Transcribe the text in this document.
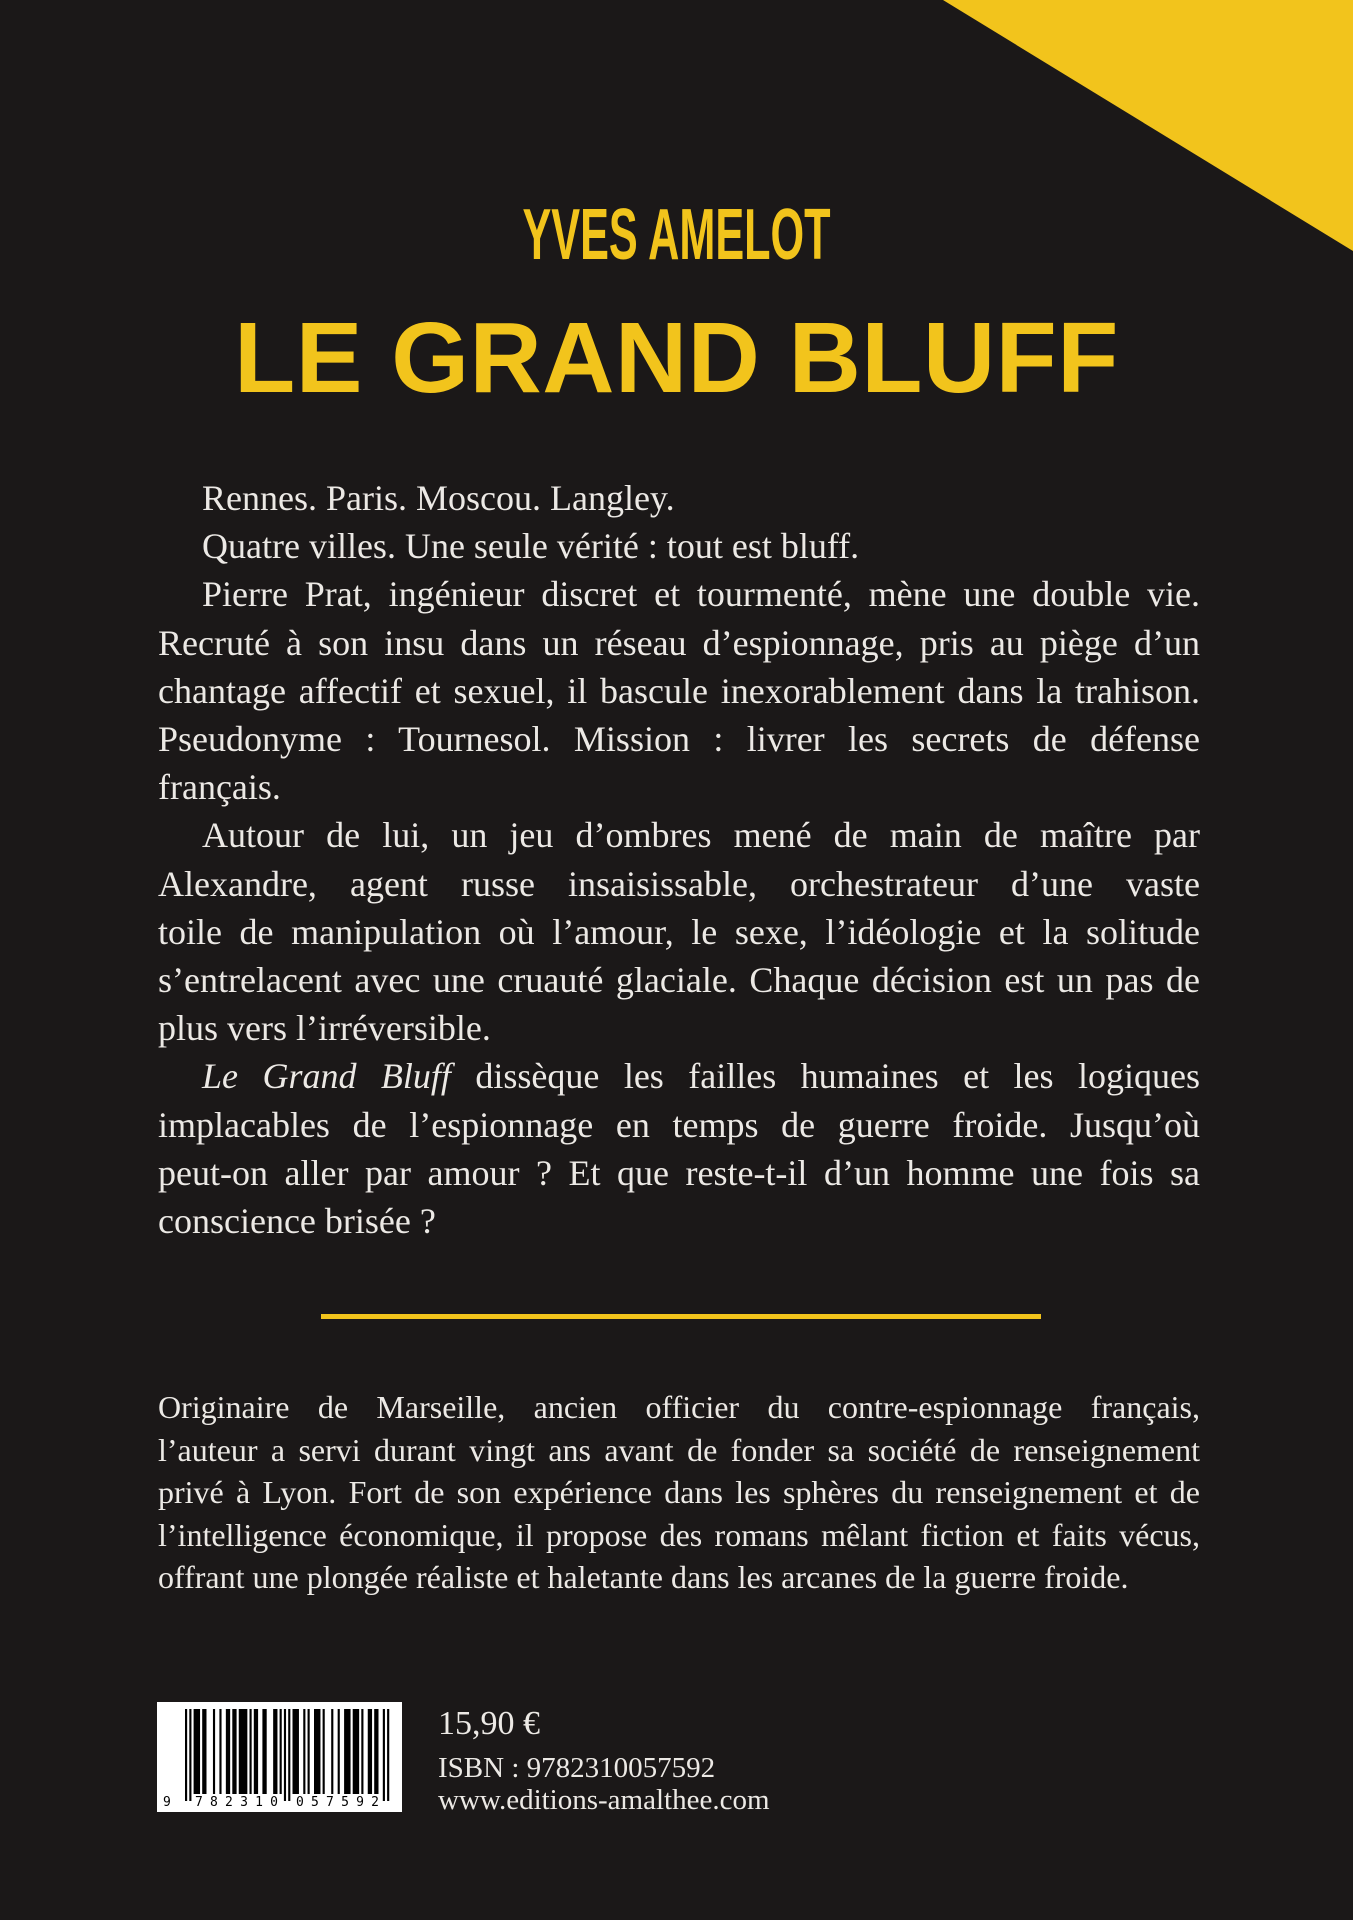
YVES AMELOT
LE GRAND BLUFF
Rennes. Paris. Moscou. Langley.
Quatre villes. Une seule vérité : tout est bluff.
Pierre Prat, ingénieur discret et tourmenté, mène une double vie.
Recruté à son insu dans un réseau d’espionnage, pris au piège d’un
chantage affectif et sexuel, il bascule inexorablement dans la trahison.
Pseudonyme : Tournesol. Mission : livrer les secrets de défense
français.
Autour de lui, un jeu d’ombres mené de main de maître par
Alexandre, agent russe insaisissable, orchestrateur d’une vaste
toile de manipulation où l’amour, le sexe, l’idéologie et la solitude
s’entrelacent avec une cruauté glaciale. Chaque décision est un pas de
plus vers l’irréversible.
Le Grand Bluff dissèque les failles humaines et les logiques
implacables de l’espionnage en temps de guerre froide. Jusqu’où
peut-on aller par amour ? Et que reste-t-il d’un homme une fois sa
conscience brisée ?
Originaire de Marseille, ancien officier du contre-espionnage français,
l’auteur a servi durant vingt ans avant de fonder sa société de renseignement
privé à Lyon. Fort de son expérience dans les sphères du renseignement et de
l’intelligence économique, il propose des romans mêlant fiction et faits vécus,
offrant une plongée réaliste et haletante dans les arcanes de la guerre froide.
9 782310 057592
15,90 €
ISBN : 9782310057592
www.editions-amalthee.com
